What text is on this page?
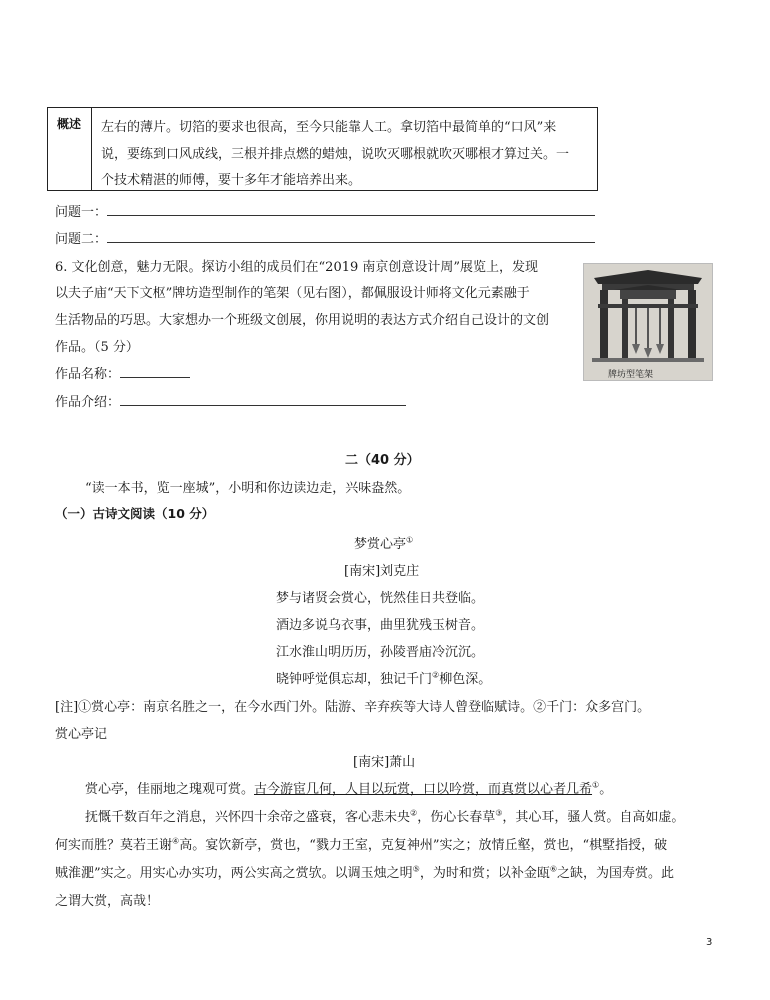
概述	左右的薄片。切箔的要求也很高，至今只能靠人工。拿切箔中最简单的“口风”来
说，要练到口风成线，三根并排点燃的蜡烛，说吹灭哪根就吹灭哪根才算过关。一
个技术精湛的师傅，要十多年才能培养出来。
问题一：
问题二：
6. 文化创意，魅力无限。探访小组的成员们在“2019 南京创意设计周”展览上，发现
以夫子庙“天下文枢”牌坊造型制作的笔架（见右图），都佩服设计师将文化元素融于
生活物品的巧思。大家想办一个班级文创展，你用说明的表达方式介绍自己设计的文创
作品。（5 分）
作品名称：
作品介绍：
牌坊型笔架
二（40 分）
“读一本书，览一座城”，小明和你边读边走，兴味盎然。
（一）古诗文阅读（10 分）
梦赏心亭①
[南宋]刘克庄
梦与诸贤会赏心，恍然佳日共登临。
酒边多说乌衣事，曲里犹残玉树音。
江水淮山明历历，孙陵晋庙冷沉沉。
晓钟呼觉俱忘却，独记千门②柳色深。
[注]①赏心亭：南京名胜之一，在今水西门外。陆游、辛弃疾等大诗人曾登临赋诗。②千门：众多宫门。
赏心亭记
[南宋]萧山
赏心亭，佳丽地之瑰观可赏。古今游宦几何，人目以玩赏，口以吟赏，而真赏以心者几希①。
抚慨千数百年之消息，兴怀四十余帝之盛衰，客心悲未央②，伤心长春草③，其心耳，骚人赏。自高如虚。
何实而胜？莫若王谢④高。宴饮新亭，赏也，“戮力王室，克复神州”实之；放情丘壑，赏也，“棋墅指授，破
贼淮淝”实之。用实心办实功，两公实高之赏欤。以调玉烛之明⑤，为时和赏；以补金瓯⑥之缺，为国寿赏。此
之谓大赏，高哉！
3
